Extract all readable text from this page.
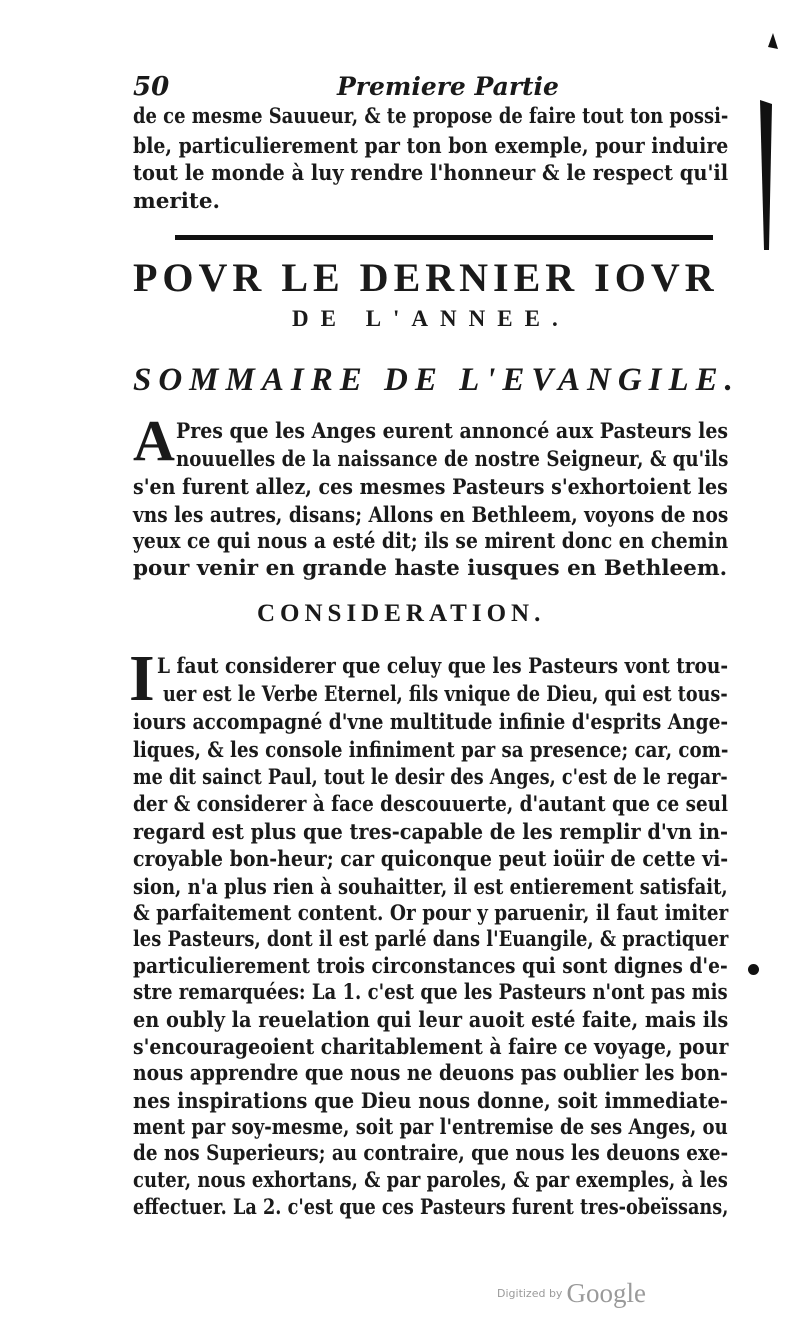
50	Premiere Partie
de ce mesme Sauueur, & te propose de faire tout ton possi-
ble, particulierement par ton bon exemple, pour induire
tout le monde à luy rendre l'honneur & le respect qu'il
merite.
POVR LE DERNIER IOVR
DE L'ANNEE.
SOMMAIRE DE L'EVANGILE.
A Pres que les Anges eurent annoncé aux Pasteurs les
nouuelles de la naissance de nostre Seigneur, & qu'ils
s'en furent allez, ces mesmes Pasteurs s'exhortoient les
vns les autres, disans; Allons en Bethleem, voyons de nos
yeux ce qui nous a esté dit; ils se mirent donc en chemin
pour venir en grande haste iusques en Bethleem.
CONSIDERATION.
I L faut considerer que celuy que les Pasteurs vont trou-
uer est le Verbe Eternel, fils vnique de Dieu, qui est tous-
iours accompagné d'vne multitude infinie d'esprits Ange-
liques, & les console infiniment par sa presence; car, com-
me dit sainct Paul, tout le desir des Anges, c'est de le regar-
der & considerer à face descouuerte, d'autant que ce seul
regard est plus que tres-capable de les remplir d'vn in-
croyable bon-heur; car quiconque peut ioüir de cette vi-
sion, n'a plus rien à souhaitter, il est entierement satisfait,
& parfaitement content. Or pour y paruenir, il faut imiter
les Pasteurs, dont il est parlé dans l'Euangile, & practiquer
particulierement trois circonstances qui sont dignes d'e-
stre remarquées: La 1. c'est que les Pasteurs n'ont pas mis
en oubly la reuelation qui leur auoit esté faite, mais ils
s'encourageoient charitablement à faire ce voyage, pour
nous apprendre que nous ne deuons pas oublier les bon-
nes inspirations que Dieu nous donne, soit immediate-
ment par soy-mesme, soit par l'entremise de ses Anges, ou
de nos Superieurs; au contraire, que nous les deuons exe-
cuter, nous exhortans, & par paroles, & par exemples, à les
effectuer. La 2. c'est que ces Pasteurs furent tres-obeïssans,
Digitized by Google
